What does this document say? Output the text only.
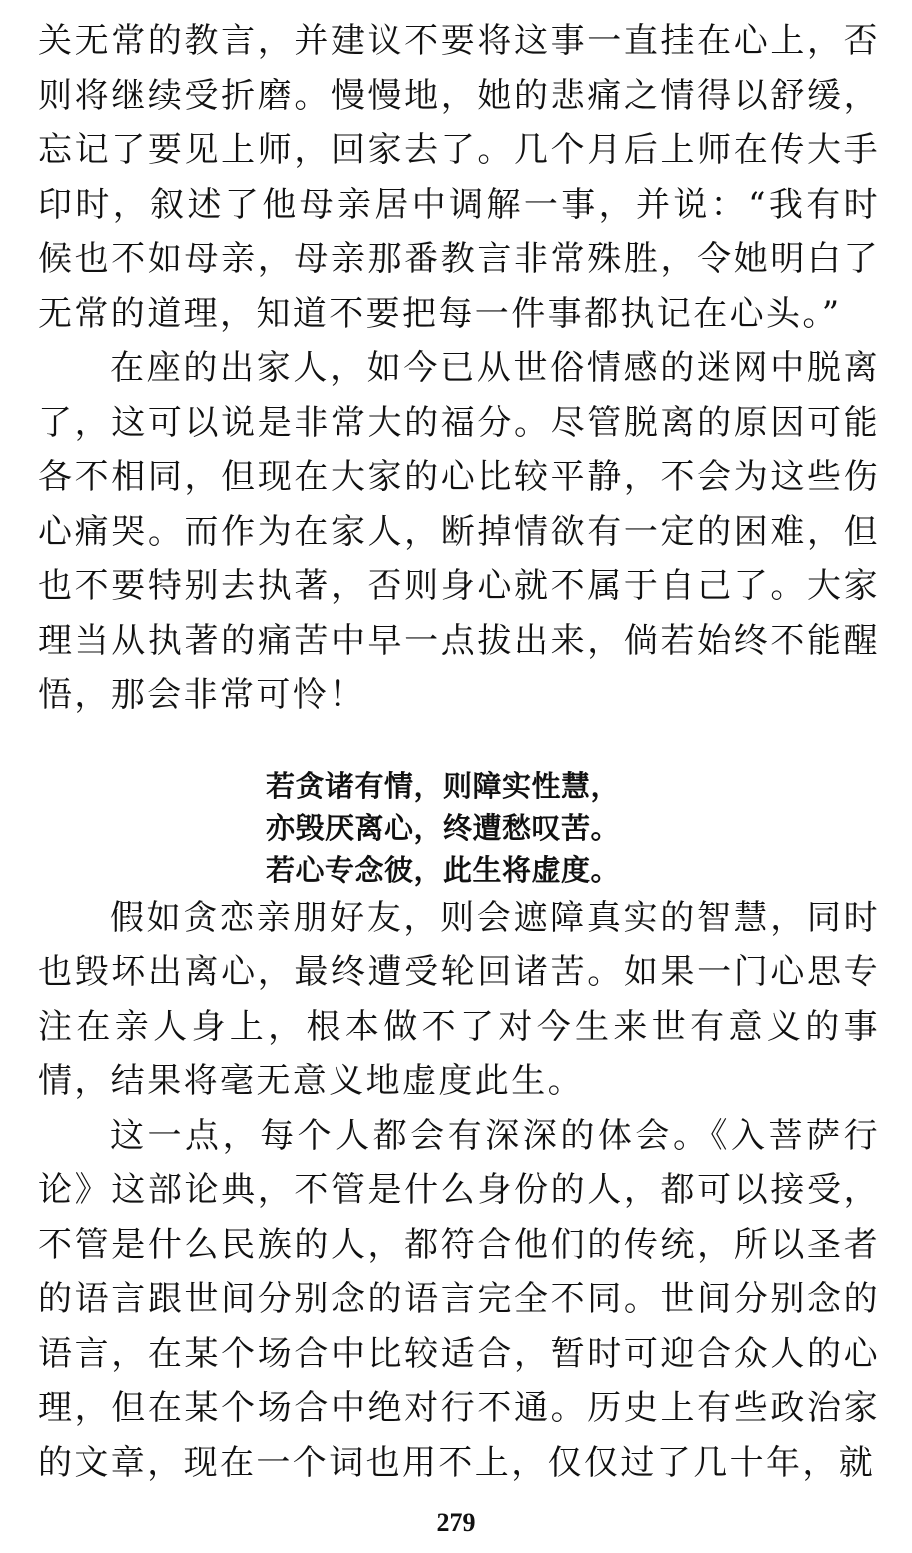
关无常的教言，并建议不要将这事一直挂在心上，否则将继续受折磨。慢慢地，她的悲痛之情得以舒缓，忘记了要见上师，回家去了。几个月后上师在传大手印时，叙述了他母亲居中调解一事，并说：“我有时候也不如母亲，母亲那番教言非常殊胜，令她明白了无常的道理，知道不要把每一件事都执记在心头。”

在座的出家人，如今已从世俗情感的迷网中脱离了，这可以说是非常大的福分。尽管脱离的原因可能各不相同，但现在大家的心比较平静，不会为这些伤心痛哭。而作为在家人，断掉情欲有一定的困难，但也不要特别去执著，否则身心就不属于自己了。大家理当从执著的痛苦中早一点拔出来，倘若始终不能醒悟，那会非常可怜！

若贪诸有情，则障实性慧，
亦毁厌离心，终遭愁叹苦。
若心专念彼，此生将虚度。

假如贪恋亲朋好友，则会遮障真实的智慧，同时也毁坏出离心，最终遭受轮回诸苦。如果一门心思专注在亲人身上，根本做不了对今生来世有意义的事情，结果将毫无意义地虚度此生。

这一点，每个人都会有深深的体会。《入菩萨行论》这部论典，不管是什么身份的人，都可以接受，不管是什么民族的人，都符合他们的传统，所以圣者的语言跟世间分别念的语言完全不同。世间分别念的语言，在某个场合中比较适合，暂时可迎合众人的心理，但在某个场合中绝对行不通。历史上有些政治家的文章，现在一个词也用不上，仅仅过了几十年，就

279
